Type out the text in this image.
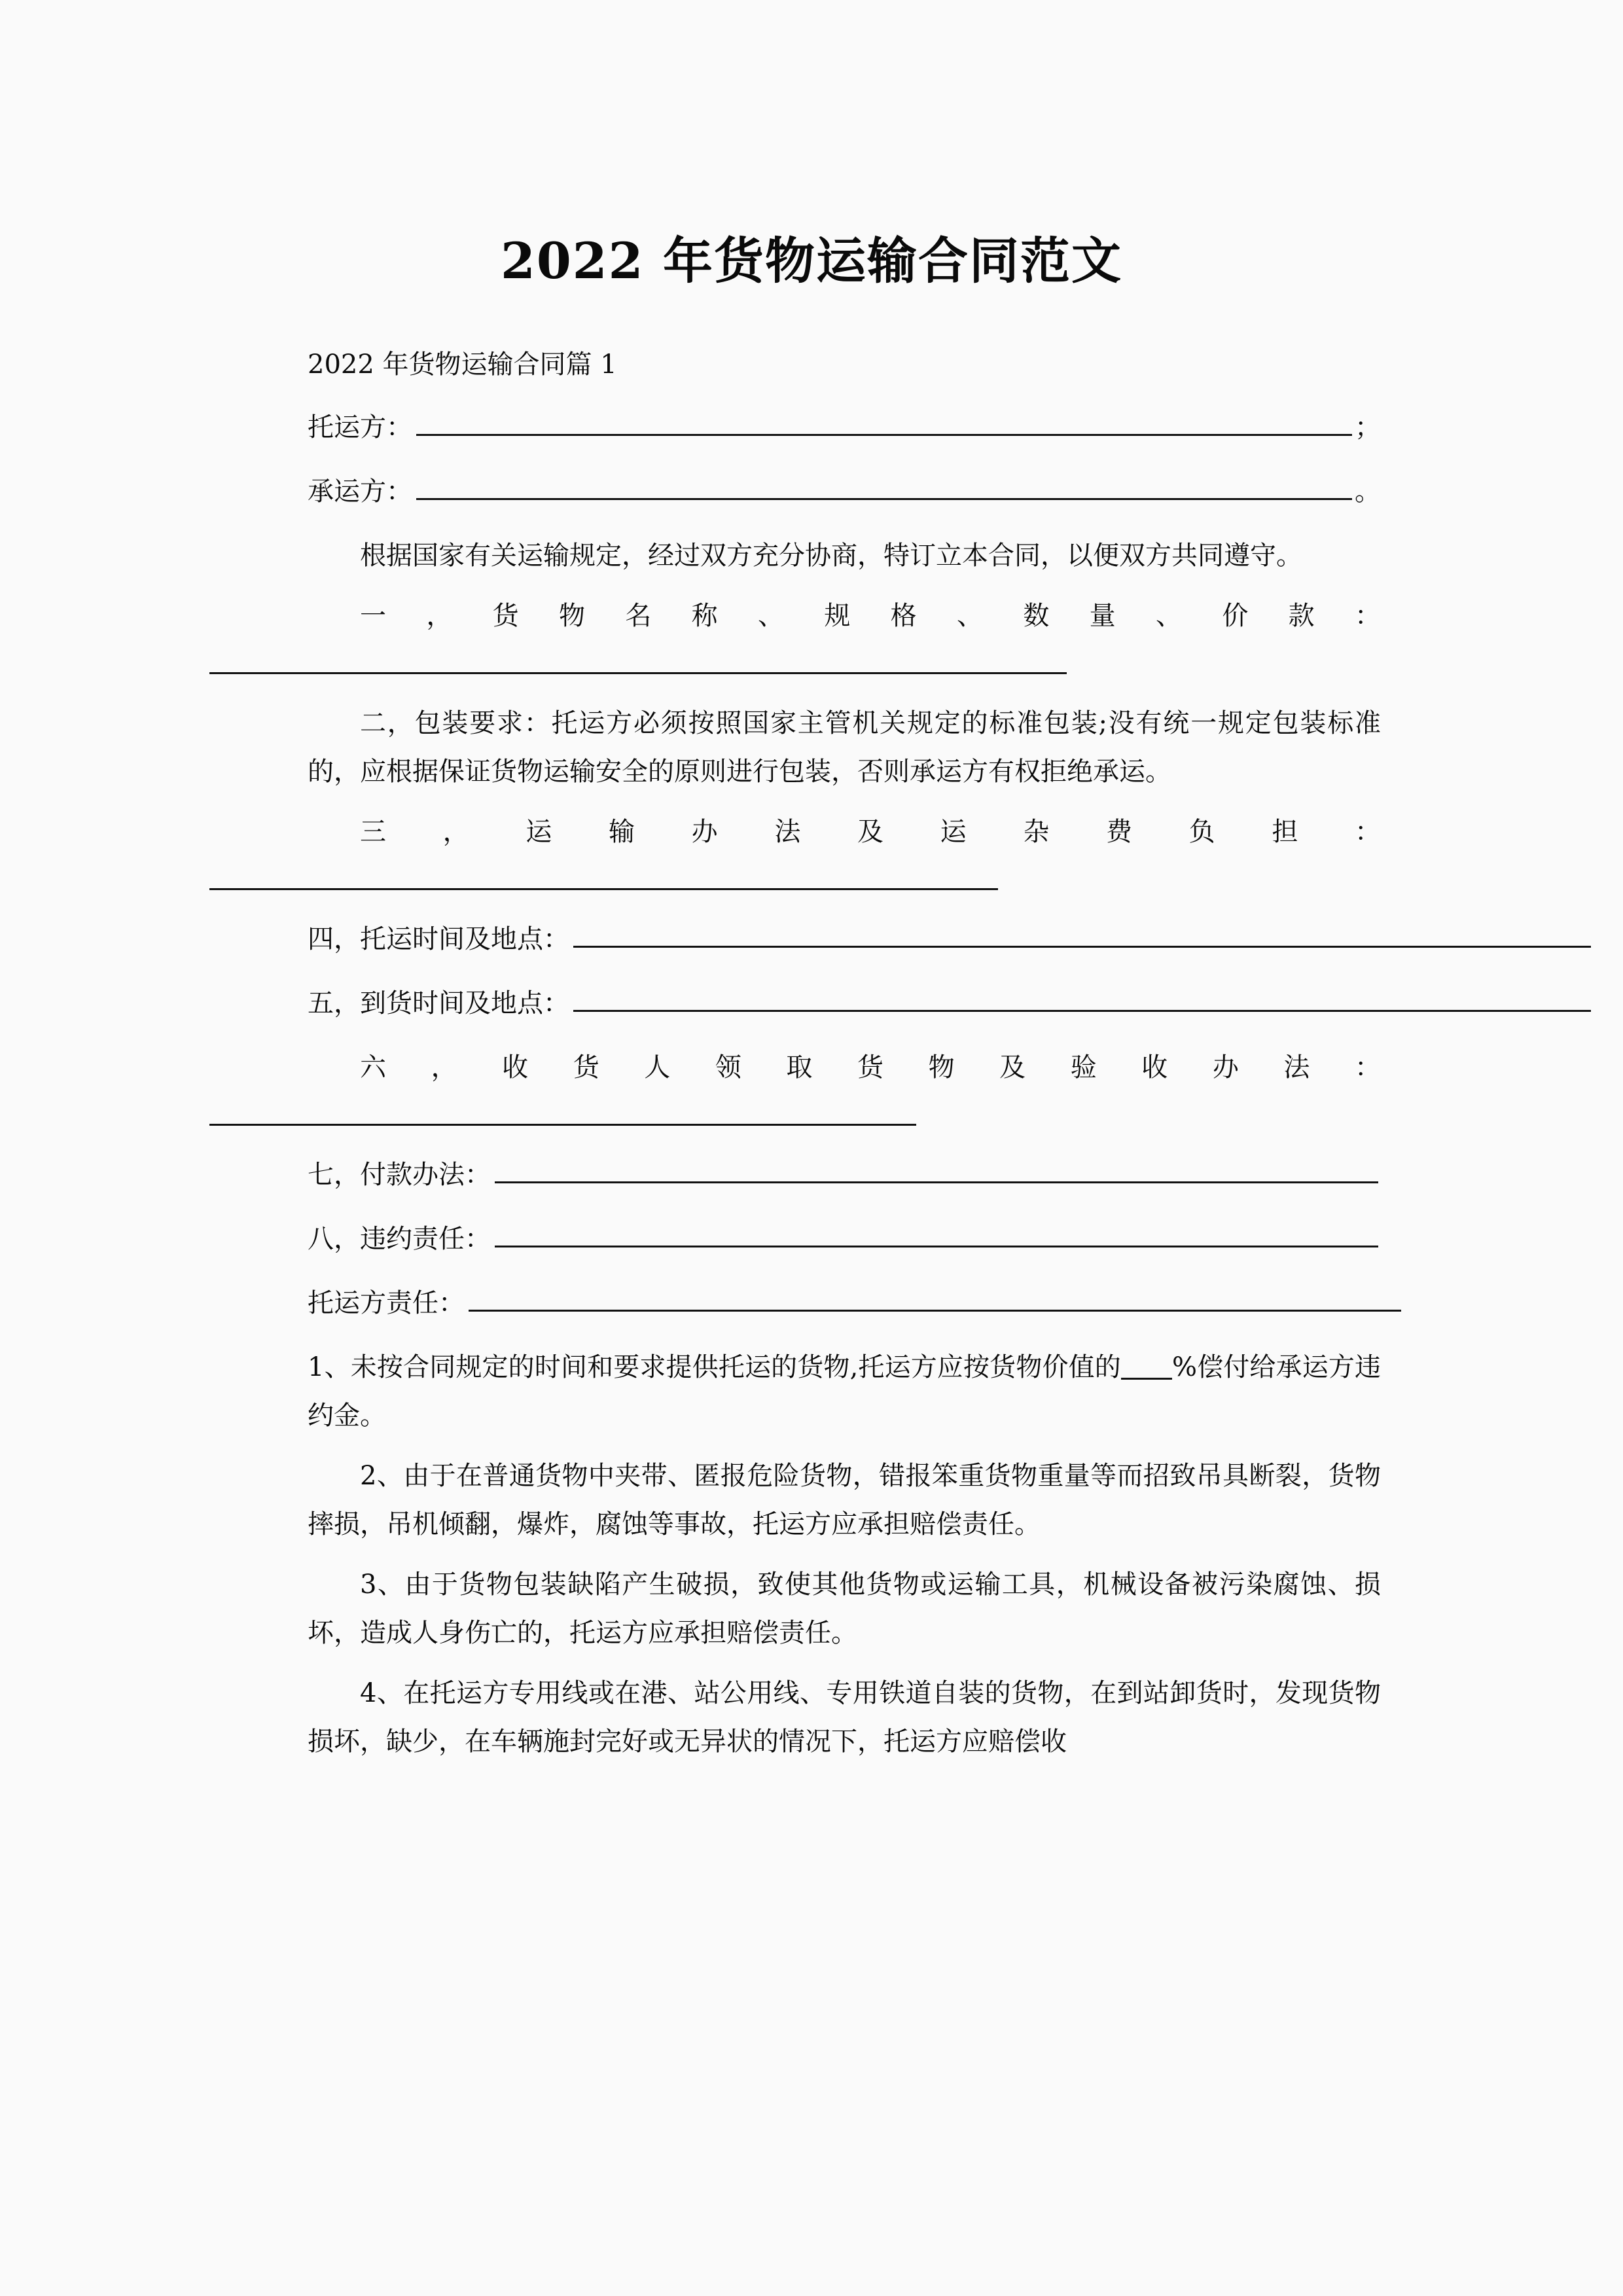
2022 年货物运输合同范文

2022 年货物运输合同篇 1

托运方：	；
承运方：	。

根据国家有关运输规定，经过双方充分协商，特订立本合同，以便双方共同遵守。

一，货物名称、规格、数量、价款：

二，包装要求：托运方必须按照国家主管机关规定的标准包装;没有统一规定包装标准的，应根据保证货物运输安全的原则进行包装，否则承运方有权拒绝承运。

三，运输办法及运杂费负担：

四，托运时间及地点：
五，到货时间及地点：

六，收货人领取货物及验收办法：

七，付款办法：
八，违约责任：
托运方责任：

1、未按合同规定的时间和要求提供托运的货物,托运方应按货物价值的 %偿付给承运方违约金。

2、由于在普通货物中夹带、匿报危险货物，错报笨重货物重量等而招致吊具断裂，货物摔损，吊机倾翻，爆炸，腐蚀等事故，托运方应承担赔偿责任。

3、由于货物包装缺陷产生破损，致使其他货物或运输工具，机械设备被污染腐蚀、损坏，造成人身伤亡的，托运方应承担赔偿责任。

4、在托运方专用线或在港、站公用线、专用铁道自装的货物，在到站卸货时，发现货物损坏，缺少，在车辆施封完好或无异状的情况下，托运方应赔偿收
